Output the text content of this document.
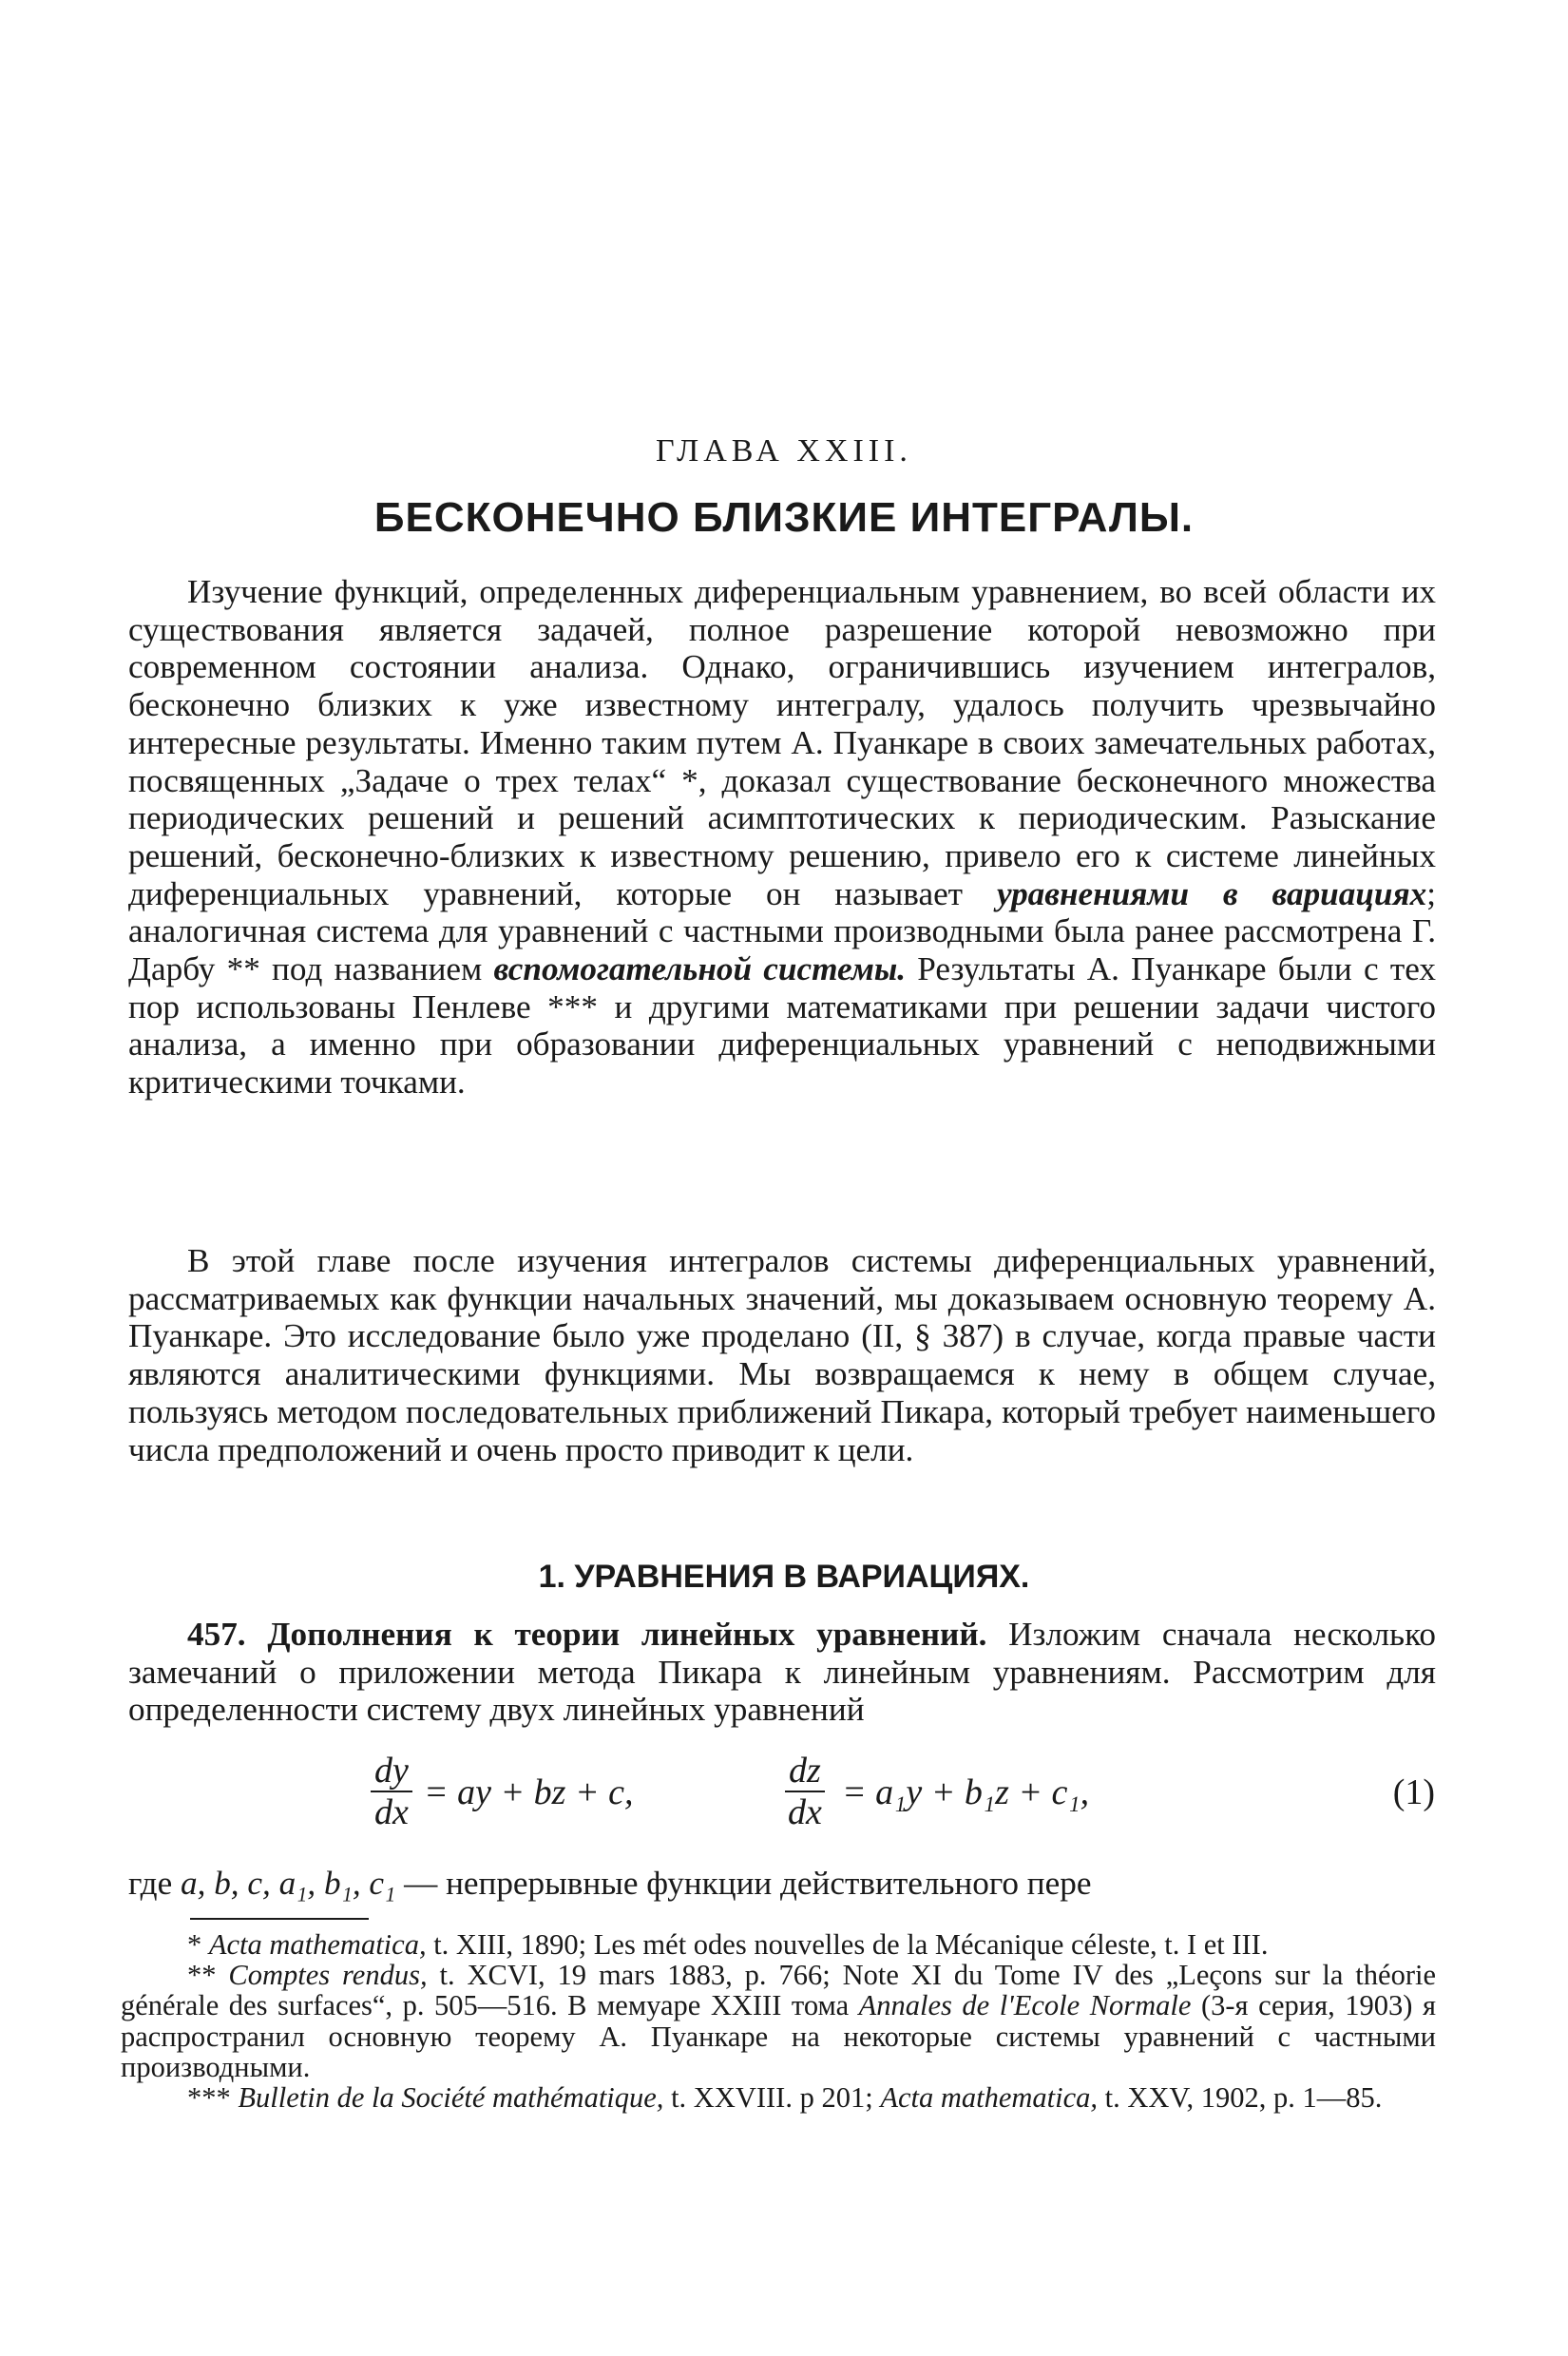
ГЛАВА XXIII.
БЕСКОНЕЧНО БЛИЗКИЕ ИНТЕГРАЛЫ.

Изучение функций, определенных диференциальным уравнением, во всей области их существования является задачей, полное разрешение которой невозможно при современном состоянии анализа. Однако, ограничившись изучением интегралов, бесконечно близких к уже известному интегралу, удалось получить чрезвычайно интересные результаты. Именно таким путем А. Пуанкаре в своих замечательных работах, посвященных „Задаче о трех телах“ *, доказал существование бесконечного множества периодических решений и решений асимптотических к периодическим. Разыскание решений, бесконечно-близких к известному решению, привело его к системе линейных диференциальных уравнений, которые он называет уравнениями в вариациях; аналогичная система для уравнений с частными производными была ранее рассмотрена Г. Дарбу ** под названием вспомогательной системы. Результаты А. Пуанкаре были с тех пор использованы Пенлеве *** и другими математиками при решении задачи чистого анализа, а именно при образовании диференциальных уравнений с неподвижными критическими точками.

В этой главе после изучения интегралов системы диференциальных уравнений, рассматриваемых как функции начальных значений, мы доказываем основную теорему А. Пуанкаре. Это исследование было уже проделано (II, § 387) в случае, когда правые части являются аналитическими функциями. Мы возвращаемся к нему в общем случае, пользуясь методом последовательных приближений Пикара, который требует наименьшего числа предположений и очень просто приводит к цели.

1. УРАВНЕНИЯ В ВАРИАЦИЯХ.

457. Дополнения к теории линейных уравнений. Изложим сначала несколько замечаний о приложении метода Пикара к линейным уравнениям. Рассмотрим для определенности систему двух линейных уравнений

$\frac{dy}{dx}$ = ay + bz + c,	$\frac{dz}{dx} = a_1y + b_1z + c_1$,	(1)
где a, b, c, a₁, b₁, c₁ — непрерывные функции действительного пере

* Acta mathematica, t. XIII, 1890; Les mét odes nouvelles de la Mécanique céleste, t. I et III.

** Comptes rendus, t. XCVI, 19 mars 1883, p. 766; Note XI du Tome IV des „Leçons sur la théorie générale des surfaces“, p. 505—516. В мемуаре XXIII тома Annales de l'Ecole Normale (3-я серия, 1903) я распространил основную теорему А. Пуанкаре на некоторые системы уравнений с частными производными.

*** Bulletin de la Société mathématique, t. XXVIII. p 201; Acta mathematica, t. XXV, 1902, p. 1—85.
